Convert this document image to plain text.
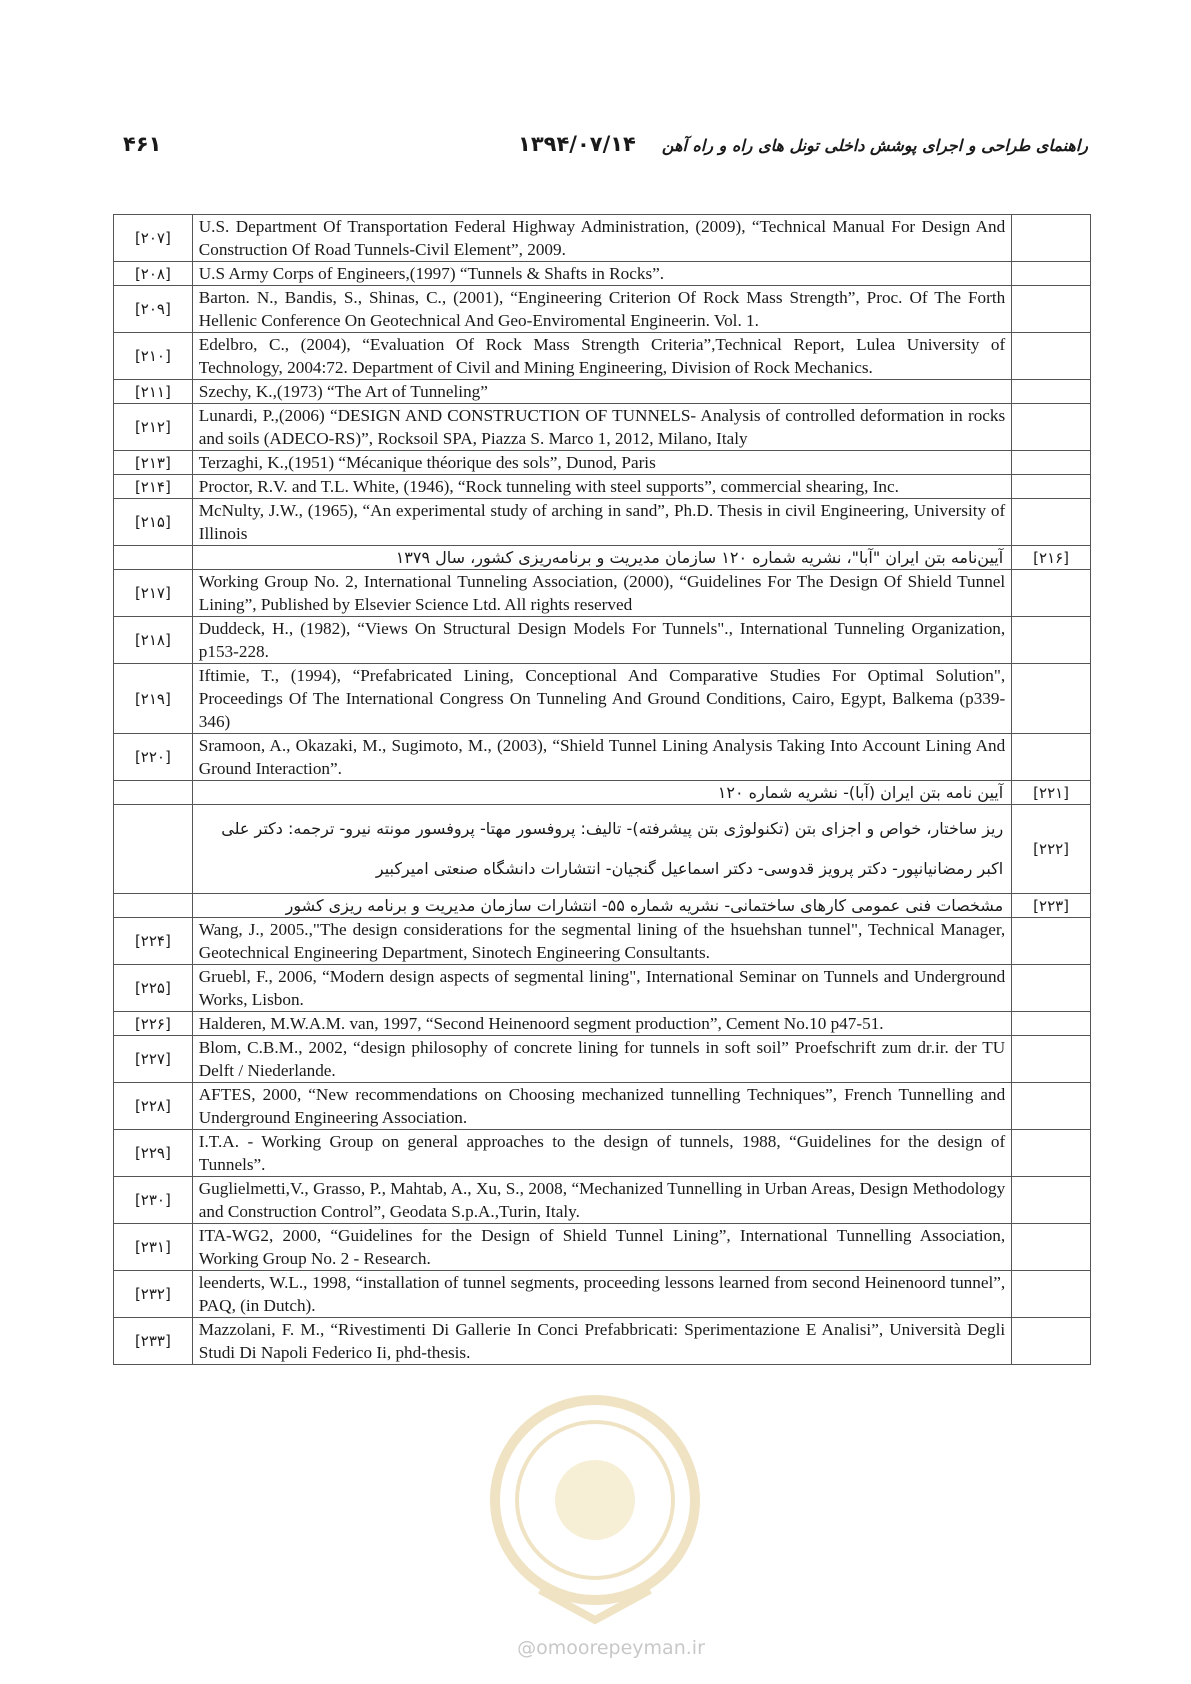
راهنمای طراحی و اجرای پوشش داخلی تونل های راه و راه آهن
۱۳۹۴/۰۷/۱۴
۴۶۱
[۲۰۷]	U.S. Department Of Transportation Federal Highway Administration, (2009), “Technical Manual For Design And Construction Of Road Tunnels-Civil Element”, 2009.	
[۲۰۸]	U.S Army Corps of Engineers,(1997) “Tunnels & Shafts in Rocks”.	
[۲۰۹]	Barton. N., Bandis, S., Shinas, C., (2001), “Engineering Criterion Of Rock Mass Strength”, Proc. Of The Forth Hellenic Conference On Geotechnical And Geo-Enviromental Engineerin. Vol. 1.	
[۲۱۰]	Edelbro, C., (2004), “Evaluation Of Rock Mass Strength Criteria”,Technical Report, Lulea University of Technology, 2004:72. Department of Civil and Mining Engineering, Division of Rock Mechanics.	
[۲۱۱]	Szechy, K.,(1973) “The Art of Tunneling”	
[۲۱۲]	Lunardi, P.,(2006) “DESIGN AND CONSTRUCTION OF TUNNELS- Analysis of controlled deformation in rocks and soils (ADECO-RS)”, Rocksoil SPA, Piazza S. Marco 1, 2012, Milano, Italy	
[۲۱۳]	Terzaghi, K.,(1951) “Mécanique théorique des sols”, Dunod, Paris	
[۲۱۴]	Proctor, R.V. and T.L. White, (1946), “Rock tunneling with steel supports”, commercial shearing, Inc.	
[۲۱۵]	McNulty, J.W., (1965), “An experimental study of arching in sand”, Ph.D. Thesis in civil Engineering, University of Illinois	
	آیین‌نامه بتن ایران "آبا"، نشریه شماره ۱۲۰ سازمان مدیریت و برنامه‌ریزی کشور، سال ۱۳۷۹	[۲۱۶]
[۲۱۷]	Working Group No. 2, International Tunneling Association, (2000), “Guidelines For The Design Of Shield Tunnel Lining”, Published by Elsevier Science Ltd. All rights reserved	
[۲۱۸]	Duddeck, H., (1982), “Views On Structural Design Models For Tunnels"., International Tunneling Organization, p153-228.	
[۲۱۹]	Iftimie, T., (1994), “Prefabricated Lining, Conceptional And Comparative Studies For Optimal Solution", Proceedings Of The International Congress On Tunneling And Ground Conditions, Cairo, Egypt, Balkema (p339-346)	
[۲۲۰]	Sramoon, A., Okazaki, M., Sugimoto, M., (2003), “Shield Tunnel Lining Analysis Taking Into Account Lining And Ground Interaction”.	
	آیین نامه بتن ایران (آبا)- نشریه شماره ۱۲۰	[۲۲۱]
	ریز ساختار، خواص و اجزای بتن (تکنولوژی بتن پیشرفته)- تالیف: پروفسور مهتا- پروفسور مونته نیرو- ترجمه: دکتر علی اکبر رمضانیانپور- دکتر پرویز قدوسی- دکتر اسماعیل گنجیان- انتشارات دانشگاه صنعتی امیرکبیر	[۲۲۲]
	مشخصات فنی عمومی کارهای ساختمانی- نشریه شماره ۵۵- انتشارات سازمان مدیریت و برنامه ریزی کشور	[۲۲۳]
[۲۲۴]	Wang, J., 2005.,"The design considerations for the segmental lining of the hsuehshan tunnel", Technical Manager, Geotechnical Engineering Department, Sinotech Engineering Consultants.	
[۲۲۵]	Gruebl, F., 2006, “Modern design aspects of segmental lining", International Seminar on Tunnels and Underground Works, Lisbon.	
[۲۲۶]	Halderen, M.W.A.M. van, 1997, “Second Heinenoord segment production”, Cement No.10 p47-51.	
[۲۲۷]	Blom, C.B.M., 2002, “design philosophy of concrete lining for tunnels in soft soil” Proefschrift zum dr.ir. der TU Delft / Niederlande.	
[۲۲۸]	AFTES, 2000, “New recommendations on Choosing mechanized tunnelling Techniques”, French Tunnelling and Underground Engineering Association.	
[۲۲۹]	I.T.A. - Working Group on general approaches to the design of tunnels, 1988, “Guidelines for the design of Tunnels”.	
[۲۳۰]	Guglielmetti,V., Grasso, P., Mahtab, A., Xu, S., 2008, “Mechanized Tunnelling in Urban Areas, Design Methodology and Construction Control”, Geodata S.p.A.,Turin, Italy.	
[۲۳۱]	ITA-WG2, 2000, “Guidelines for the Design of Shield Tunnel Lining”, International Tunnelling Association, Working Group No. 2 - Research.	
[۲۳۲]	leenderts, W.L., 1998, “installation of tunnel segments, proceeding lessons learned from second Heinenoord tunnel”, PAQ, (in Dutch).	
[۲۳۳]	Mazzolani, F. M., “Rivestimenti Di Gallerie In Conci Prefabbricati: Sperimentazione E Analisi”, Università Degli Studi Di Napoli Federico Ii, phd-thesis.	
@omoorepeyman.ir
